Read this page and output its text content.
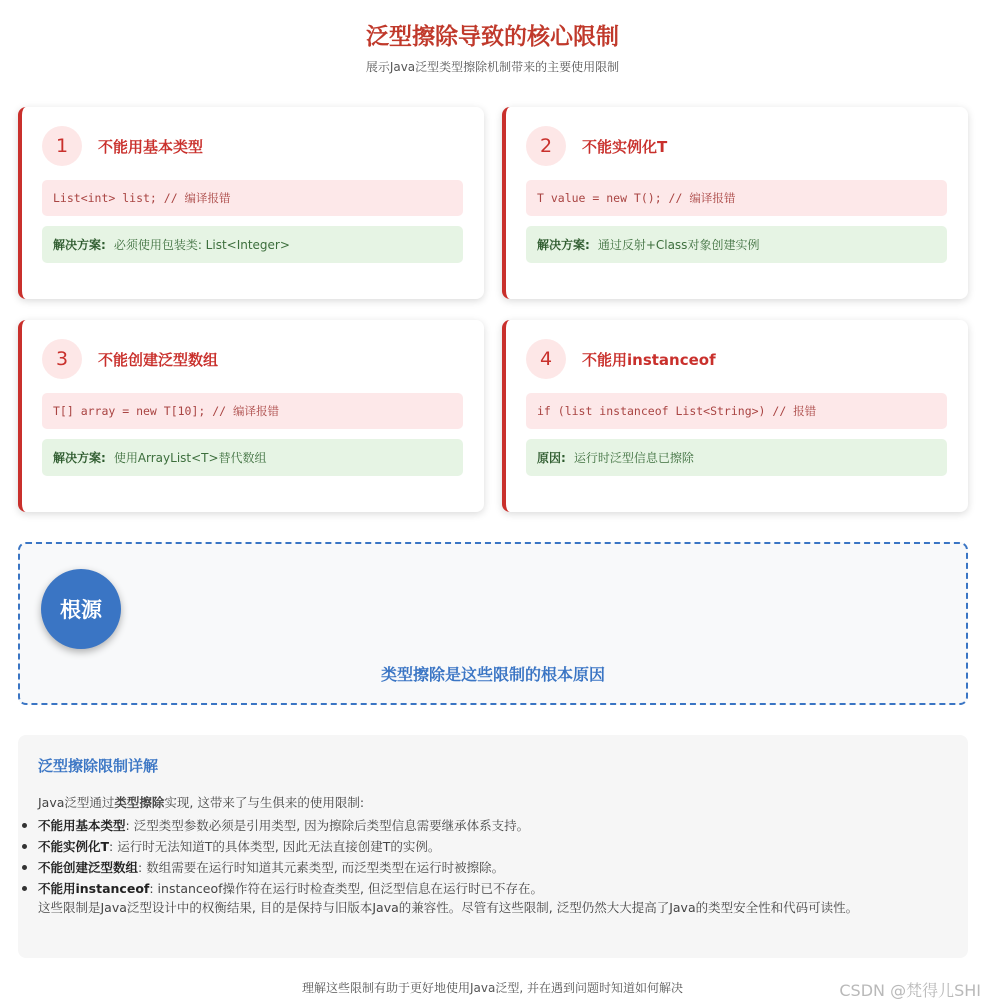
泛型擦除导致的核心限制
展示Java泛型类型擦除机制带来的主要使用限制
1	不能用基本类型
List<int> list; // 编译报错
解决方案: 必须使用包装类: List<Integer>
2	不能实例化T
T value = new T(); // 编译报错
解决方案: 通过反射+Class对象创建实例
3	不能创建泛型数组
T[] array = new T[10]; // 编译报错
解决方案: 使用ArrayList<T>替代数组
4	不能用instanceof
if (list instanceof List<String>) // 报错
原因: 运行时泛型信息已擦除
根源
类型擦除是这些限制的根本原因
泛型擦除限制详解
Java泛型通过类型擦除实现, 这带来了与生俱来的使用限制:
不能用基本类型: 泛型类型参数必须是引用类型, 因为擦除后类型信息需要继承体系支持。
不能实例化T: 运行时无法知道T的具体类型, 因此无法直接创建T的实例。
不能创建泛型数组: 数组需要在运行时知道其元素类型, 而泛型类型在运行时被擦除。
不能用instanceof: instanceof操作符在运行时检查类型, 但泛型信息在运行时已不存在。
这些限制是Java泛型设计中的权衡结果, 目的是保持与旧版本Java的兼容性。尽管有这些限制, 泛型仍然大大提高了Java的类型安全性和代码可读性。
理解这些限制有助于更好地使用Java泛型, 并在遇到问题时知道如何解决	CSDN @梵得儿SHI
